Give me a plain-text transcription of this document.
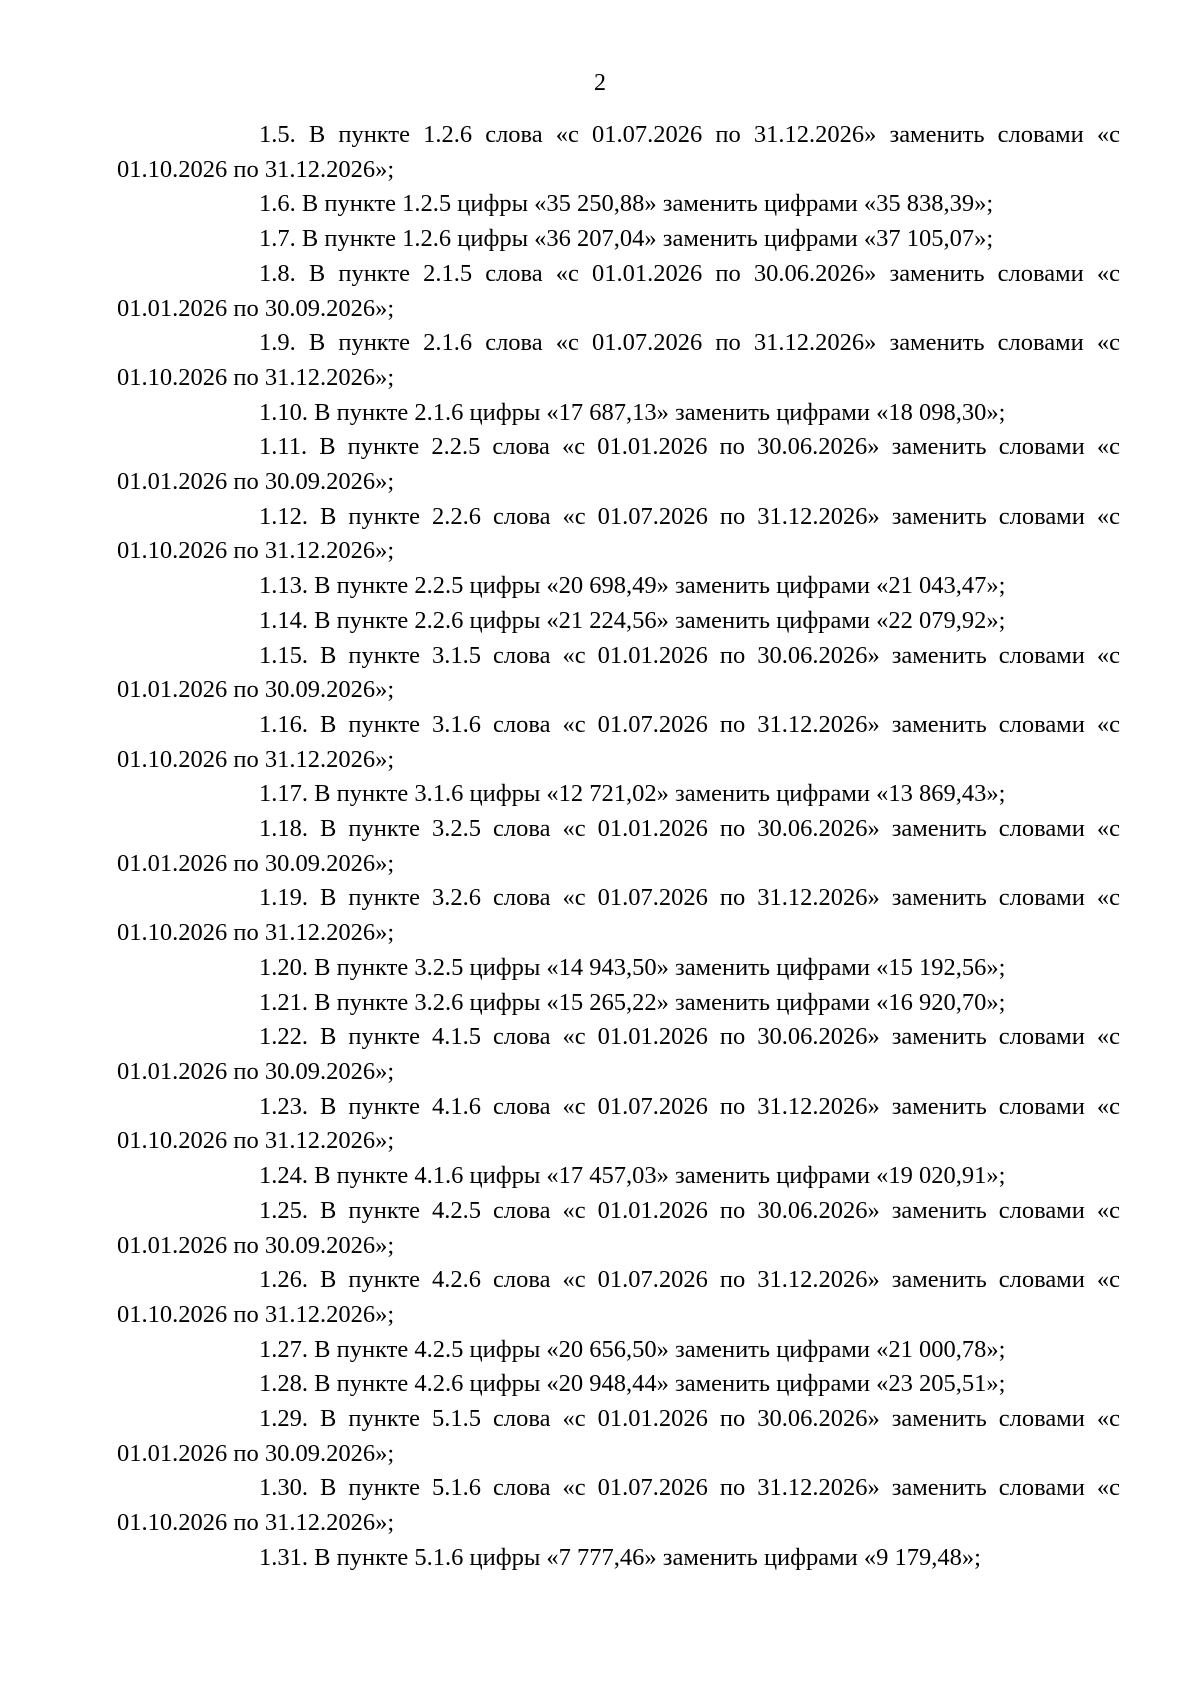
2

1.5. В пункте 1.2.6 слова «с 01.07.2026 по 31.12.2026» заменить словами «с 01.10.2026 по 31.12.2026»;

1.6. В пункте 1.2.5 цифры «35 250,88» заменить цифрами «35 838,39»;

1.7. В пункте 1.2.6 цифры «36 207,04» заменить цифрами «37 105,07»;

1.8. В пункте 2.1.5 слова «с 01.01.2026 по 30.06.2026» заменить словами «с 01.01.2026 по 30.09.2026»;

1.9. В пункте 2.1.6 слова «с 01.07.2026 по 31.12.2026» заменить словами «с 01.10.2026 по 31.12.2026»;

1.10. В пункте 2.1.6 цифры «17 687,13» заменить цифрами «18 098,30»;

1.11. В пункте 2.2.5 слова «с 01.01.2026 по 30.06.2026» заменить словами «с 01.01.2026 по 30.09.2026»;

1.12. В пункте 2.2.6 слова «с 01.07.2026 по 31.12.2026» заменить словами «с 01.10.2026 по 31.12.2026»;

1.13. В пункте 2.2.5 цифры «20 698,49» заменить цифрами «21 043,47»;

1.14. В пункте 2.2.6 цифры «21 224,56» заменить цифрами «22 079,92»;

1.15. В пункте 3.1.5 слова «с 01.01.2026 по 30.06.2026» заменить словами «с 01.01.2026 по 30.09.2026»;

1.16. В пункте 3.1.6 слова «с 01.07.2026 по 31.12.2026» заменить словами «с 01.10.2026 по 31.12.2026»;

1.17. В пункте 3.1.6 цифры «12 721,02» заменить цифрами «13 869,43»;

1.18. В пункте 3.2.5 слова «с 01.01.2026 по 30.06.2026» заменить словами «с 01.01.2026 по 30.09.2026»;

1.19. В пункте 3.2.6 слова «с 01.07.2026 по 31.12.2026» заменить словами «с 01.10.2026 по 31.12.2026»;

1.20. В пункте 3.2.5 цифры «14 943,50» заменить цифрами «15 192,56»;

1.21. В пункте 3.2.6 цифры «15 265,22» заменить цифрами «16 920,70»;

1.22. В пункте 4.1.5 слова «с 01.01.2026 по 30.06.2026» заменить словами «с 01.01.2026 по 30.09.2026»;

1.23. В пункте 4.1.6 слова «с 01.07.2026 по 31.12.2026» заменить словами «с 01.10.2026 по 31.12.2026»;

1.24. В пункте 4.1.6 цифры «17 457,03» заменить цифрами «19 020,91»;

1.25. В пункте 4.2.5 слова «с 01.01.2026 по 30.06.2026» заменить словами «с 01.01.2026 по 30.09.2026»;

1.26. В пункте 4.2.6 слова «с 01.07.2026 по 31.12.2026» заменить словами «с 01.10.2026 по 31.12.2026»;

1.27. В пункте 4.2.5 цифры «20 656,50» заменить цифрами «21 000,78»;

1.28. В пункте 4.2.6 цифры «20 948,44» заменить цифрами «23 205,51»;

1.29. В пункте 5.1.5 слова «с 01.01.2026 по 30.06.2026» заменить словами «с 01.01.2026 по 30.09.2026»;

1.30. В пункте 5.1.6 слова «с 01.07.2026 по 31.12.2026» заменить словами «с 01.10.2026 по 31.12.2026»;

1.31. В пункте 5.1.6 цифры «7 777,46» заменить цифрами «9 179,48»;
